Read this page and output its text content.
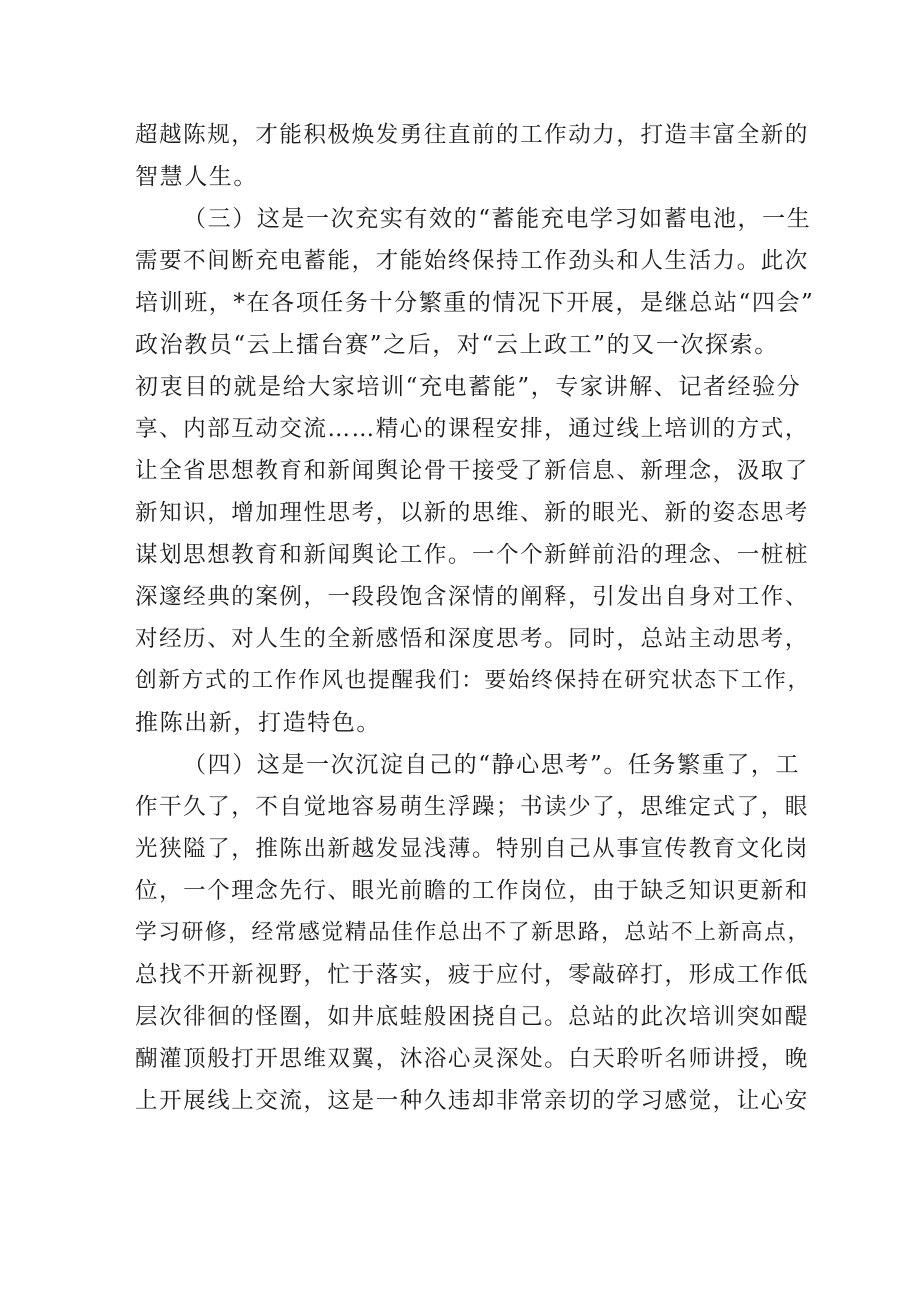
超越陈规，才能积极焕发勇往直前的工作动力，打造丰富全新的
智慧人生。
（三）这是一次充实有效的“蓄能充电学习如蓄电池，一生
需要不间断充电蓄能，才能始终保持工作劲头和人生活力。此次
培训班，*在各项任务十分繁重的情况下开展，是继总站“四会”
政治教员“云上擂台赛”之后，对“云上政工”的又一次探索。
初衷目的就是给大家培训“充电蓄能”，专家讲解、记者经验分
享、内部互动交流……精心的课程安排，通过线上培训的方式，
让全省思想教育和新闻舆论骨干接受了新信息、新理念，汲取了
新知识，增加理性思考，以新的思维、新的眼光、新的姿态思考
谋划思想教育和新闻舆论工作。一个个新鲜前沿的理念、一桩桩
深邃经典的案例，一段段饱含深情的阐释，引发出自身对工作、
对经历、对人生的全新感悟和深度思考。同时，总站主动思考，
创新方式的工作作风也提醒我们：要始终保持在研究状态下工作，
推陈出新，打造特色。
（四）这是一次沉淀自己的“静心思考”。任务繁重了，工
作干久了，不自觉地容易萌生浮躁；书读少了，思维定式了，眼
光狭隘了，推陈出新越发显浅薄。特别自己从事宣传教育文化岗
位，一个理念先行、眼光前瞻的工作岗位，由于缺乏知识更新和
学习研修，经常感觉精品佳作总出不了新思路，总站不上新高点，
总找不开新视野，忙于落实，疲于应付，零敲碎打，形成工作低
层次徘徊的怪圈，如井底蛙般困挠自己。总站的此次培训突如醍
醐灌顶般打开思维双翼，沐浴心灵深处。白天聆听名师讲授，晚
上开展线上交流，这是一种久违却非常亲切的学习感觉，让心安
